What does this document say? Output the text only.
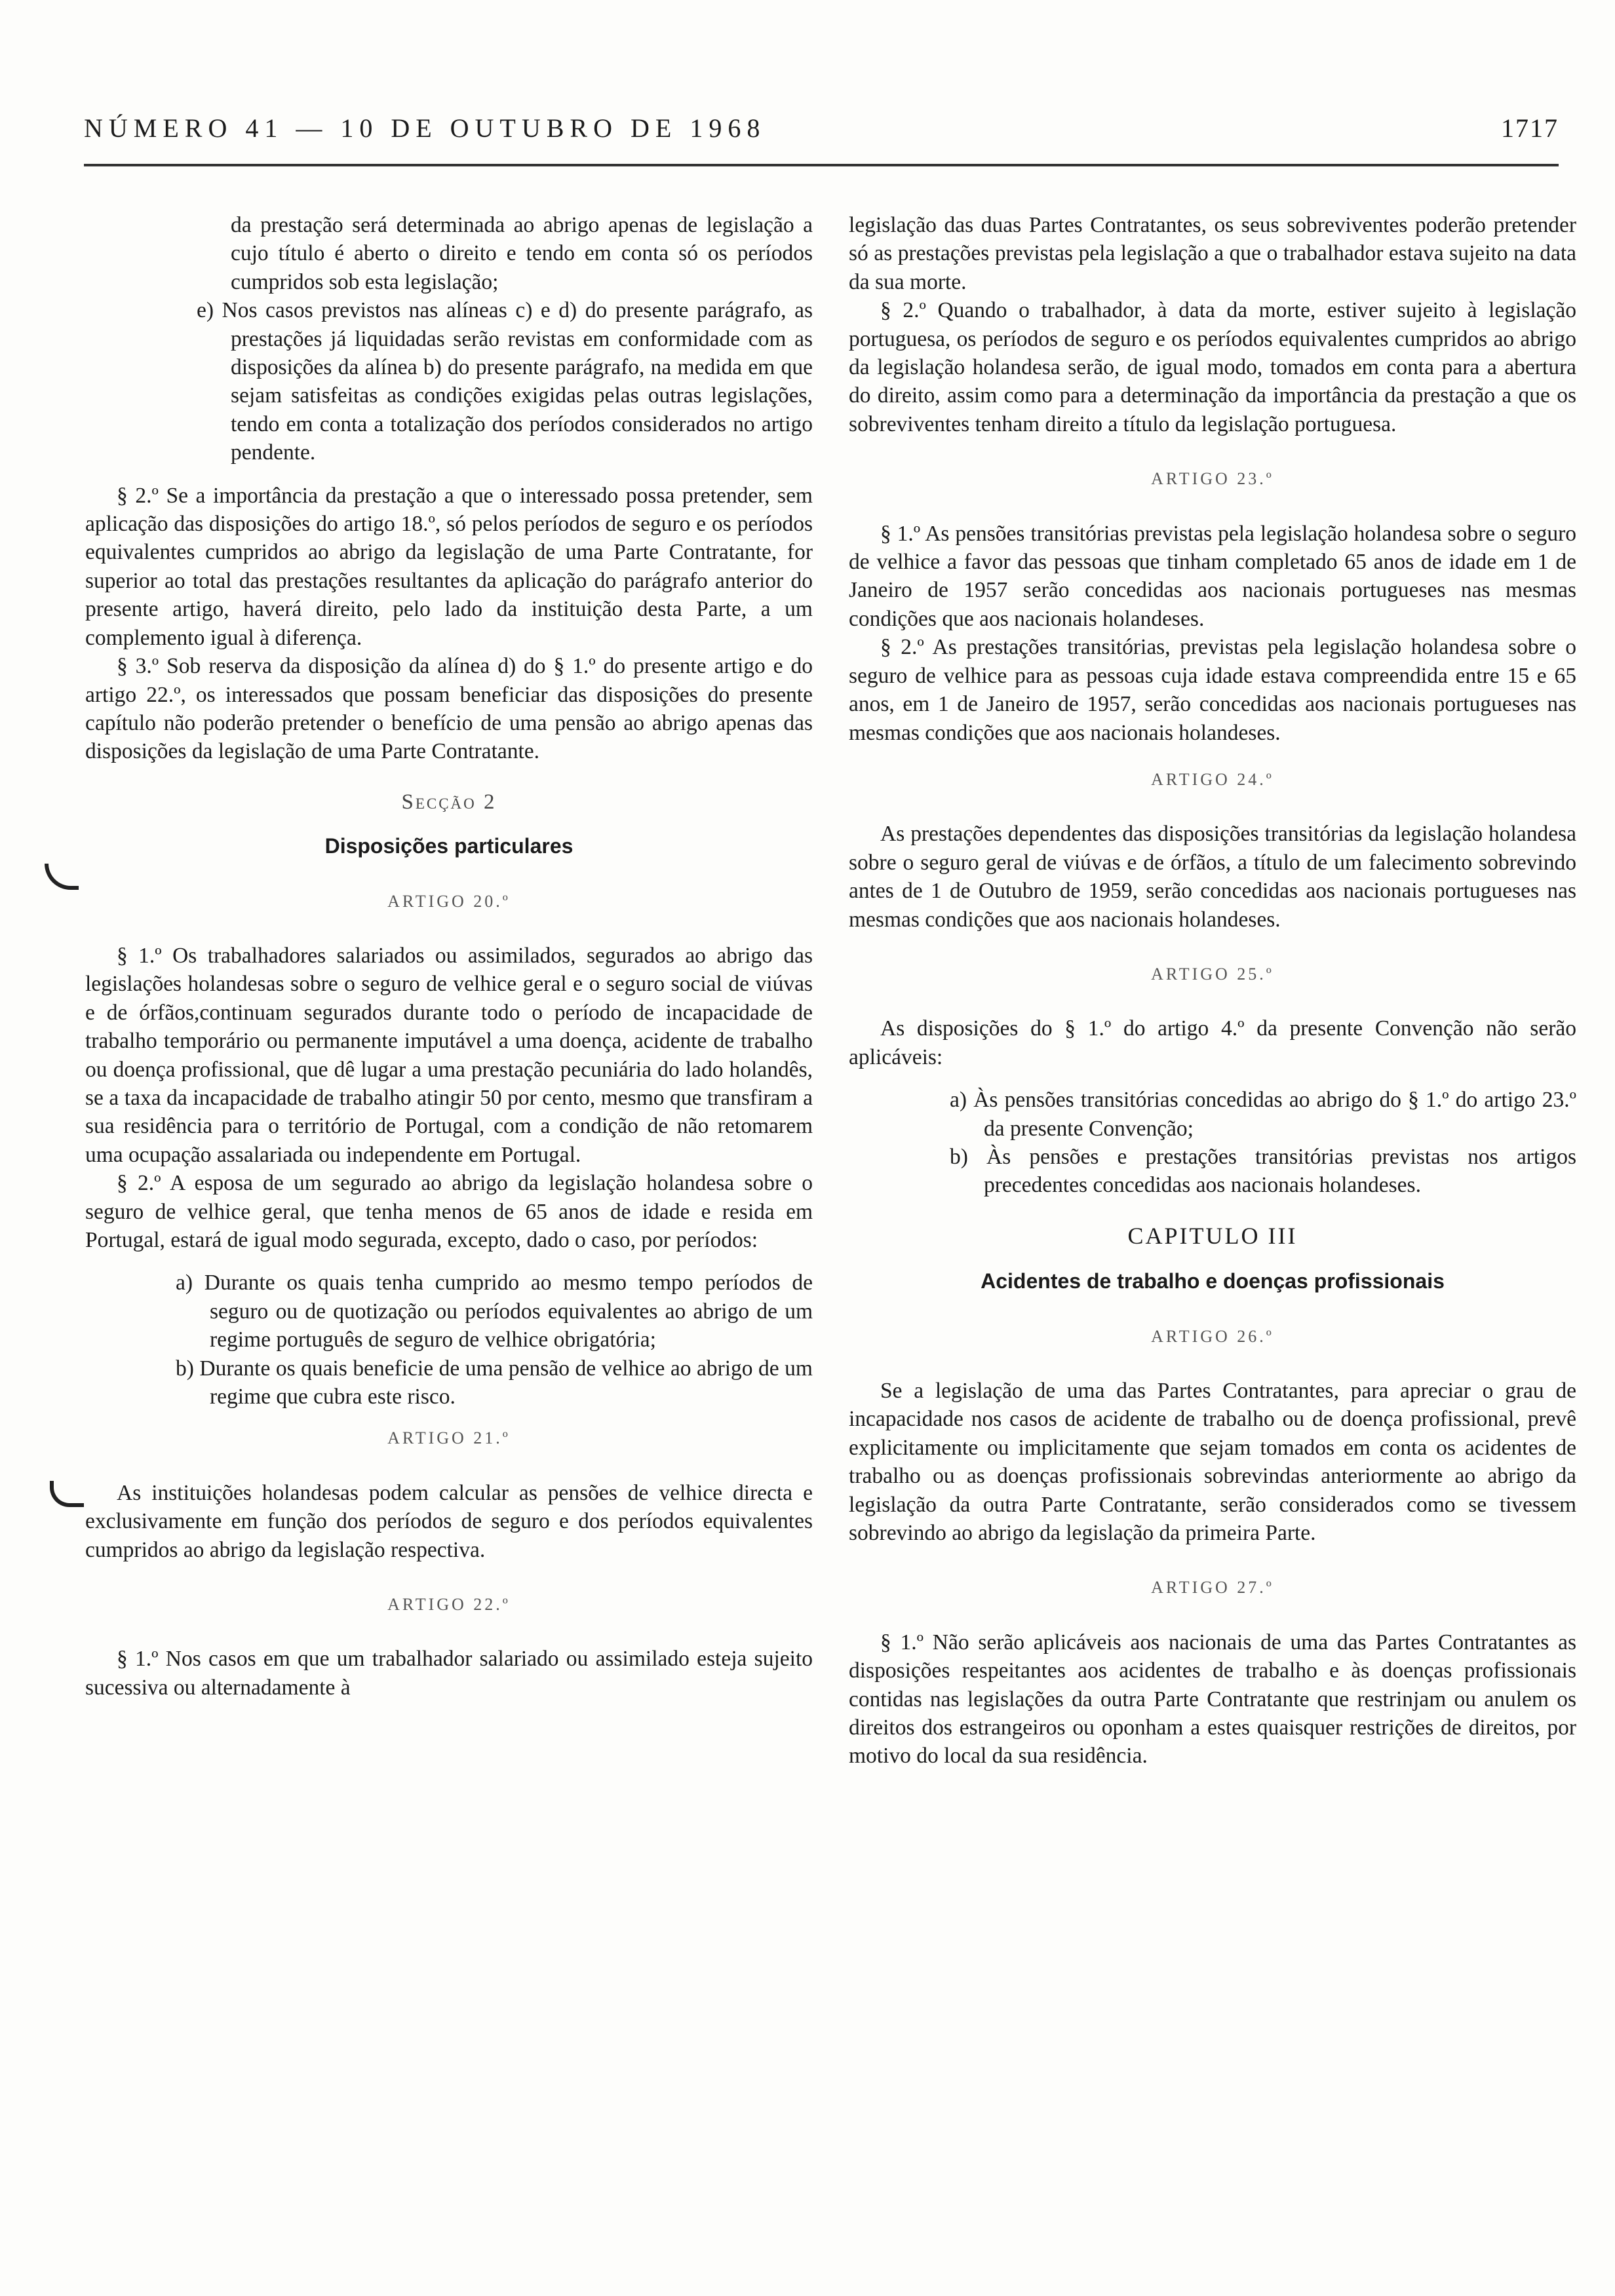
NÚMERO 41 — 10 DE OUTUBRO DE 1968	1717

da prestação será determinada ao abrigo apenas de legislação a cujo título é aberto o direito e tendo em conta só os períodos cumpridos sob esta legislação;

e) Nos casos previstos nas alíneas c) e d) do presente parágrafo, as prestações já liquidadas serão revistas em conformidade com as disposições da alínea b) do presente parágrafo, na medida em que sejam satisfeitas as condições exigidas pelas outras legislações, tendo em conta a totalização dos períodos considerados no artigo pendente.

§ 2.º Se a importância da prestação a que o interessado possa pretender, sem aplicação das disposições do artigo 18.º, só pelos períodos de seguro e os períodos equivalentes cumpridos ao abrigo da legislação de uma Parte Contratante, for superior ao total das prestações resultantes da aplicação do parágrafo anterior do presente artigo, haverá direito, pelo lado da instituição desta Parte, a um complemento igual à diferença.

§ 3.º Sob reserva da disposição da alínea d) do § 1.º do presente artigo e do artigo 22.º, os interessados que possam beneficiar das disposições do presente capítulo não poderão pretender o benefício de uma pensão ao abrigo apenas das disposições da legislação de uma Parte Contratante.

Secção 2
Disposições particulares
ARTIGO 20.º

§ 1.º Os trabalhadores salariados ou assimilados, segurados ao abrigo das legislações holandesas sobre o seguro de velhice geral e o seguro social de viúvas e de órfãos,continuam segurados durante todo o período de incapacidade de trabalho temporário ou permanente imputável a uma doença, acidente de trabalho ou doença profissional, que dê lugar a uma prestação pecuniária do lado holandês, se a taxa da incapacidade de trabalho atingir 50 por cento, mesmo que transfiram a sua residência para o território de Portugal, com a condição de não retomarem uma ocupação assalariada ou independente em Portugal.

§ 2.º A esposa de um segurado ao abrigo da legislação holandesa sobre o seguro de velhice geral, que tenha menos de 65 anos de idade e resida em Portugal, estará de igual modo segurada, excepto, dado o caso, por períodos:

a) Durante os quais tenha cumprido ao mesmo tempo períodos de seguro ou de quotização ou períodos equivalentes ao abrigo de um regime português de seguro de velhice obrigatória;

b) Durante os quais beneficie de uma pensão de velhice ao abrigo de um regime que cubra este risco.

ARTIGO 21.º

As instituições holandesas podem calcular as pensões de velhice directa e exclusivamente em função dos períodos de seguro e dos períodos equivalentes cumpridos ao abrigo da legislação respectiva.

ARTIGO 22.º

§ 1.º Nos casos em que um trabalhador salariado ou assimilado esteja sujeito sucessiva ou alternadamente à

legislação das duas Partes Contratantes, os seus sobreviventes poderão pretender só as prestações previstas pela legislação a que o trabalhador estava sujeito na data da sua morte.

§ 2.º Quando o trabalhador, à data da morte, estiver sujeito à legislação portuguesa, os períodos de seguro e os períodos equivalentes cumpridos ao abrigo da legislação holandesa serão, de igual modo, tomados em conta para a abertura do direito, assim como para a determinação da importância da prestação a que os sobreviventes tenham direito a título da legislação portuguesa.

ARTIGO 23.º

§ 1.º As pensões transitórias previstas pela legislação holandesa sobre o seguro de velhice a favor das pessoas que tinham completado 65 anos de idade em 1 de Janeiro de 1957 serão concedidas aos nacionais portugueses nas mesmas condições que aos nacionais holandeses.

§ 2.º As prestações transitórias, previstas pela legislação holandesa sobre o seguro de velhice para as pessoas cuja idade estava compreendida entre 15 e 65 anos, em 1 de Janeiro de 1957, serão concedidas aos nacionais portugueses nas mesmas condições que aos nacionais holandeses.

ARTIGO 24.º

As prestações dependentes das disposições transitórias da legislação holandesa sobre o seguro geral de viúvas e de órfãos, a título de um falecimento sobrevindo antes de 1 de Outubro de 1959, serão concedidas aos nacionais portugueses nas mesmas condições que aos nacionais holandeses.

ARTIGO 25.º

As disposições do § 1.º do artigo 4.º da presente Convenção não serão aplicáveis:

a) Às pensões transitórias concedidas ao abrigo do § 1.º do artigo 23.º da presente Convenção;

b) Às pensões e prestações transitórias previstas nos artigos precedentes concedidas aos nacionais holandeses.

CAPITULO III
Acidentes de trabalho e doenças profissionais
ARTIGO 26.º

Se a legislação de uma das Partes Contratantes, para apreciar o grau de incapacidade nos casos de acidente de trabalho ou de doença profissional, prevê explicitamente ou implicitamente que sejam tomados em conta os acidentes de trabalho ou as doenças profissionais sobrevindas anteriormente ao abrigo da legislação da outra Parte Contratante, serão considerados como se tivessem sobrevindo ao abrigo da legislação da primeira Parte.

ARTIGO 27.º

§ 1.º Não serão aplicáveis aos nacionais de uma das Partes Contratantes as disposições respeitantes aos acidentes de trabalho e às doenças profissionais contidas nas legislações da outra Parte Contratante que restrinjam ou anulem os direitos dos estrangeiros ou oponham a estes quaisquer restrições de direitos, por motivo do local da sua residência.
